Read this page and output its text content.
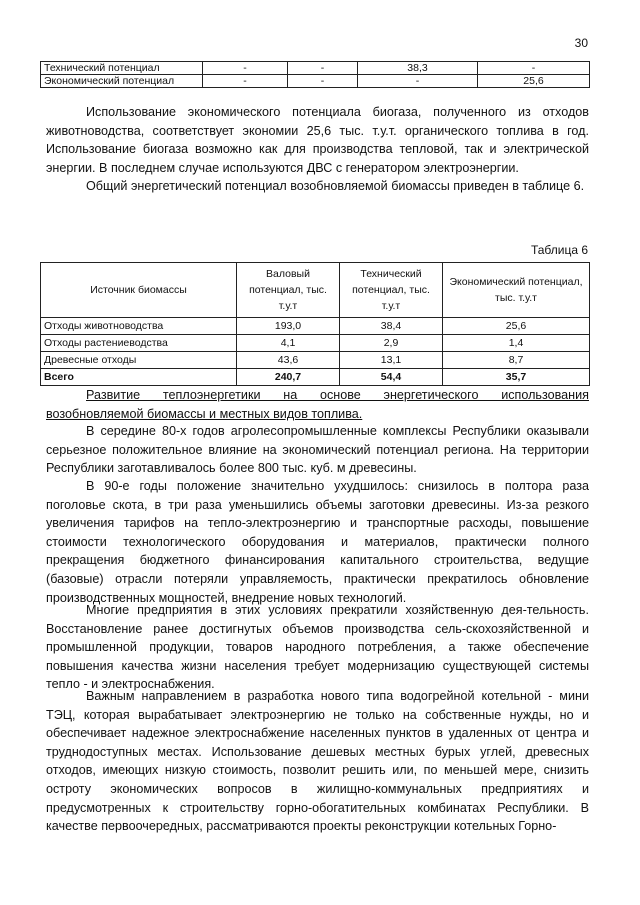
30
Технический потенциал	-	-	38,3	-
Экономический потенциал	-	-	-	25,6

Использование экономического потенциала биогаза, полученного из отходов животноводства, соответствует экономии 25,6 тыс. т.у.т. органического топлива в год. Использование биогаза возможно как для производства тепловой, так и электрической энергии. В последнем случае используются ДВС с генератором электроэнергии.

Общий энергетический потенциал возобновляемой биомассы приведен в таблице 6.

Таблица 6
Источник биомассы	Валовый потенциал, тыс. т.у.т	Технический потенциал, тыс. т.у.т	Экономический потенциал, тыс. т.у.т
Отходы животноводства	193,0	38,4	25,6
Отходы растениеводства	4,1	2,9	1,4
Древесные отходы	43,6	13,1	8,7
Всего	240,7	54,4	35,7

Развитие теплоэнергетики на основе энергетического использования возобновляемой биомассы и местных видов топлива.

В середине 80-х годов агролесопромышленные комплексы Республики оказывали серьезное положительное влияние на экономический потенциал региона. На территории Республики заготавливалось более 800 тыс. куб. м древесины.

В 90-е годы положение значительно ухудшилось: снизилось в полтора раза поголовье скота, в три раза уменьшились объемы заготовки древесины. Из-за резкого увеличения тарифов на тепло-электроэнергию и транспортные расходы, повышение стоимости технологического оборудования и материалов, практически полного прекращения бюджетного финансирования капитального строительства, ведущие (базовые) отрасли потеряли управляемость, практически прекратилось обновление производственных мощностей, внедрение новых технологий.

Многие предприятия в этих условиях прекратили хозяйственную дея-тельность. Восстановление ранее достигнутых объемов производства сель-скохозяйственной и промышленной продукции, товаров народного потребления, а также обеспечение повышения качества жизни населения требует модернизацию существующей системы тепло - и электроснабжения.

Важным направлением в разработка нового типа водогрейной котельной - мини ТЭЦ, которая вырабатывает электроэнергию не только на собственные нужды, но и обеспечивает надежное электроснабжение населенных пунктов в удаленных от центра и труднодоступных местах. Использование дешевых местных бурых углей, древесных отходов, имеющих низкую стоимость, позволит решить или, по меньшей мере, снизить остроту экономических вопросов в жилищно-коммунальных предприятиях и предусмотренных к строительству горно-обогатительных комбинатах Республики. В качестве первоочередных, рассматриваются проекты реконструкции котельных Горно-
